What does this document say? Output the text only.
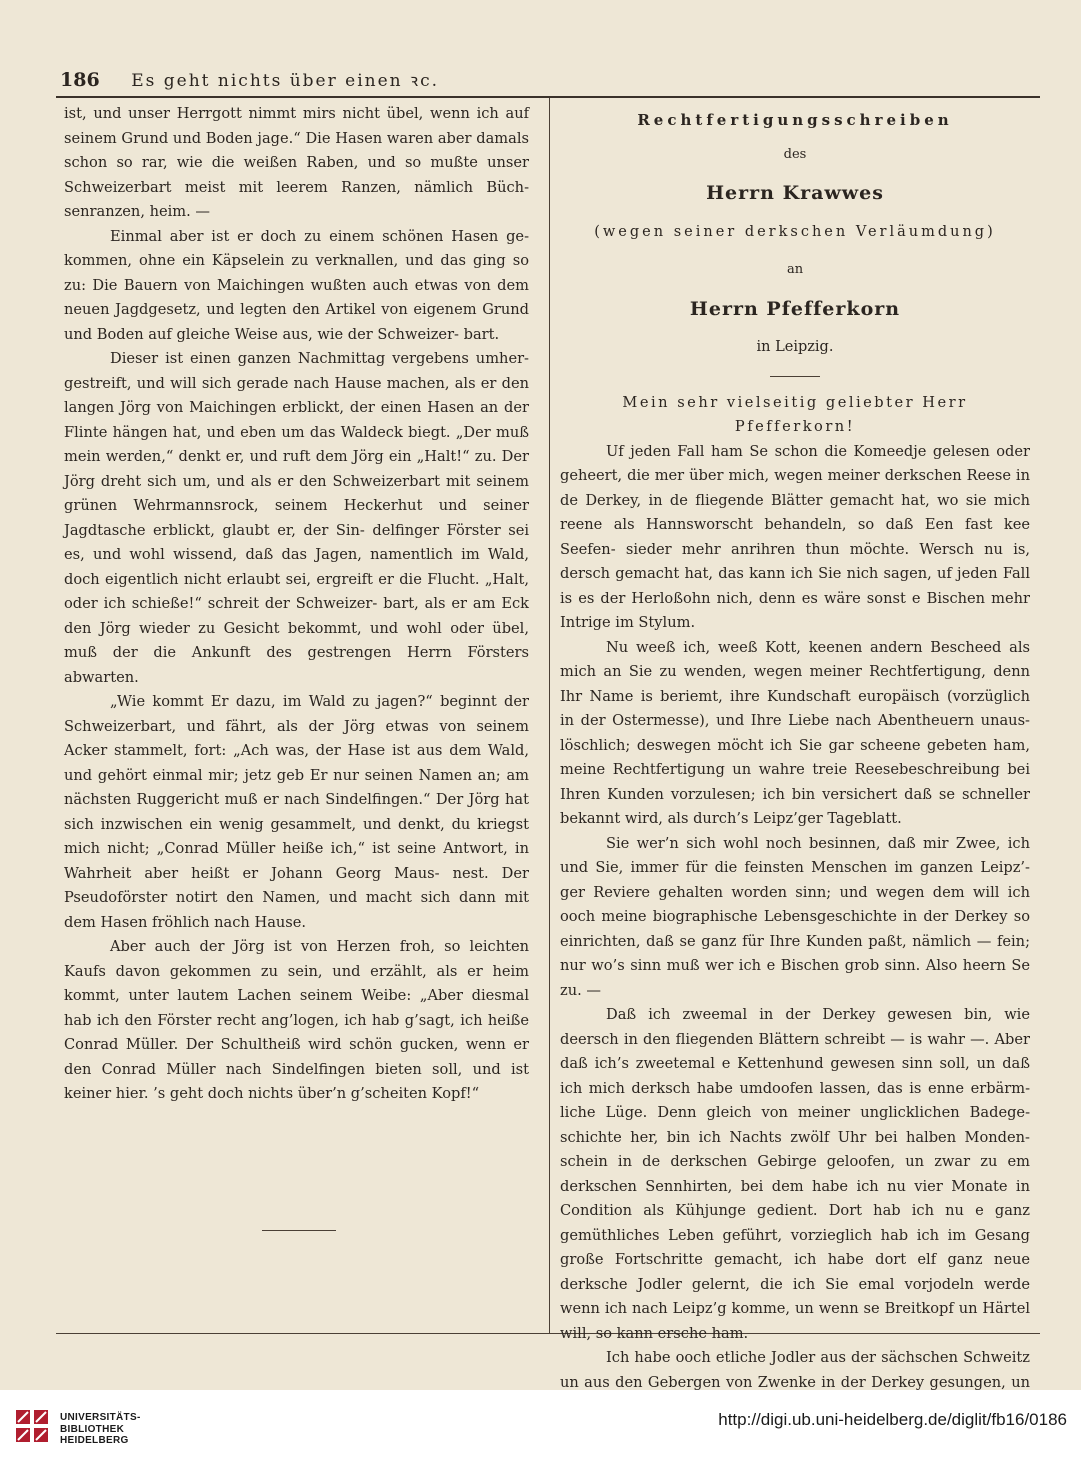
186 Es geht nichts über einen ꝛc.

ist, und unser Herrgott nimmt mirs nicht übel, wenn ich auf seinem Grund und Boden jage.“ Die Hasen waren aber damals schon so rar, wie die weißen Raben, und so mußte unser Schweizerbart meist mit leerem Ranzen, nämlich Büch- senranzen, heim. —

Einmal aber ist er doch zu einem schönen Hasen ge- kommen, ohne ein Käpselein zu verknallen, und das ging so zu: Die Bauern von Maichingen wußten auch etwas von dem neuen Jagdgesetz, und legten den Artikel von eigenem Grund und Boden auf gleiche Weise aus, wie der Schweizer- bart.

Dieser ist einen ganzen Nachmittag vergebens umher- gestreift, und will sich gerade nach Hause machen, als er den langen Jörg von Maichingen erblickt, der einen Hasen an der Flinte hängen hat, und eben um das Waldeck biegt. „Der muß mein werden,“ denkt er, und ruft dem Jörg ein „Halt!“ zu. Der Jörg dreht sich um, und als er den Schweizerbart mit seinem grünen Wehrmannsrock, seinem Heckerhut und seiner Jagdtasche erblickt, glaubt er, der Sin- delfinger Förster sei es, und wohl wissend, daß das Jagen, namentlich im Wald, doch eigentlich nicht erlaubt sei, ergreift er die Flucht. „Halt, oder ich schieße!“ schreit der Schweizer- bart, als er am Eck den Jörg wieder zu Gesicht bekommt, und wohl oder übel, muß der die Ankunft des gestrengen Herrn Försters abwarten.

„Wie kommt Er dazu, im Wald zu jagen?“ beginnt der Schweizerbart, und fährt, als der Jörg etwas von seinem Acker stammelt, fort: „Ach was, der Hase ist aus dem Wald, und gehört einmal mir; jetz geb Er nur seinen Namen an; am nächsten Ruggericht muß er nach Sindelfingen.“ Der Jörg hat sich inzwischen ein wenig gesammelt, und denkt, du kriegst mich nicht; „Conrad Müller heiße ich,“ ist seine Antwort, in Wahrheit aber heißt er Johann Georg Maus- nest. Der Pseudoförster notirt den Namen, und macht sich dann mit dem Hasen fröhlich nach Hause.

Aber auch der Jörg ist von Herzen froh, so leichten Kaufs davon gekommen zu sein, und erzählt, als er heim kommt, unter lautem Lachen seinem Weibe: „Aber diesmal hab ich den Förster recht ang’logen, ich hab g’sagt, ich heiße Conrad Müller. Der Schultheiß wird schön gucken, wenn er den Conrad Müller nach Sindelfingen bieten soll, und ist keiner hier. ’s geht doch nichts über’n g’scheiten Kopf!“

Rechtfertigungsschreiben
des
Herrn Krawwes
(wegen seiner derkschen Verläumdung)
an
Herrn Pfefferkorn
in Leipzig.

Mein sehr vielseitig geliebter Herr Pfefferkorn!

Uf jeden Fall ham Se schon die Komeedje gelesen oder geheert, die mer über mich, wegen meiner derkschen Reese in de Derkey, in de fliegende Blätter gemacht hat, wo sie mich reene als Hannsworscht behandeln, so daß Een fast kee Seefen- sieder mehr anrihren thun möchte. Wersch nu is, dersch gemacht hat, das kann ich Sie nich sagen, uf jeden Fall is es der Herloßohn nich, denn es wäre sonst e Bischen mehr Intrige im Stylum.

Nu weeß ich, weeß Kott, keenen andern Bescheed als mich an Sie zu wenden, wegen meiner Rechtfertigung, denn Ihr Name is beriemt, ihre Kundschaft europäisch (vorzüglich in der Ostermesse), und Ihre Liebe nach Abentheuern unaus- löschlich; deswegen möcht ich Sie gar scheene gebeten ham, meine Rechtfertigung un wahre treie Reesebeschreibung bei Ihren Kunden vorzulesen; ich bin versichert daß se schneller bekannt wird, als durch’s Leipz’ger Tageblatt.

Sie wer’n sich wohl noch besinnen, daß mir Zwee, ich und Sie, immer für die feinsten Menschen im ganzen Leipz’- ger Reviere gehalten worden sinn; und wegen dem will ich ooch meine biographische Lebensgeschichte in der Derkey so einrichten, daß se ganz für Ihre Kunden paßt, nämlich — fein; nur wo’s sinn muß wer ich e Bischen grob sinn. Also heern Se zu. —

Daß ich zweemal in der Derkey gewesen bin, wie deersch in den fliegenden Blättern schreibt — is wahr —. Aber daß ich’s zweetemal e Kettenhund gewesen sinn soll, un daß ich mich derksch habe umdoofen lassen, das is enne erbärm- liche Lüge. Denn gleich von meiner unglicklichen Badege- schichte her, bin ich Nachts zwölf Uhr bei halben Monden- schein in de derkschen Gebirge geloofen, un zwar zu em derkschen Sennhirten, bei dem habe ich nu vier Monate in Condition als Kühjunge gedient. Dort hab ich nu e ganz gemüthliches Leben geführt, vorzieglich hab ich im Gesang große Fortschritte gemacht, ich habe dort elf ganz neue derksche Jodler gelernt, die ich Sie emal vorjodeln werde wenn ich nach Leipz’g komme, un wenn se Breitkopf un Härtel will, so kann ersche ham.

Ich habe ooch etliche Jodler aus der sächschen Schweitz un aus den Gebergen von Zwenke in der Derkey gesungen, un

UNIVERSITÄTS-
BIBLIOTHEK
HEIDELBERG
http://digi.ub.uni-heidelberg.de/diglit/fb16/0186
